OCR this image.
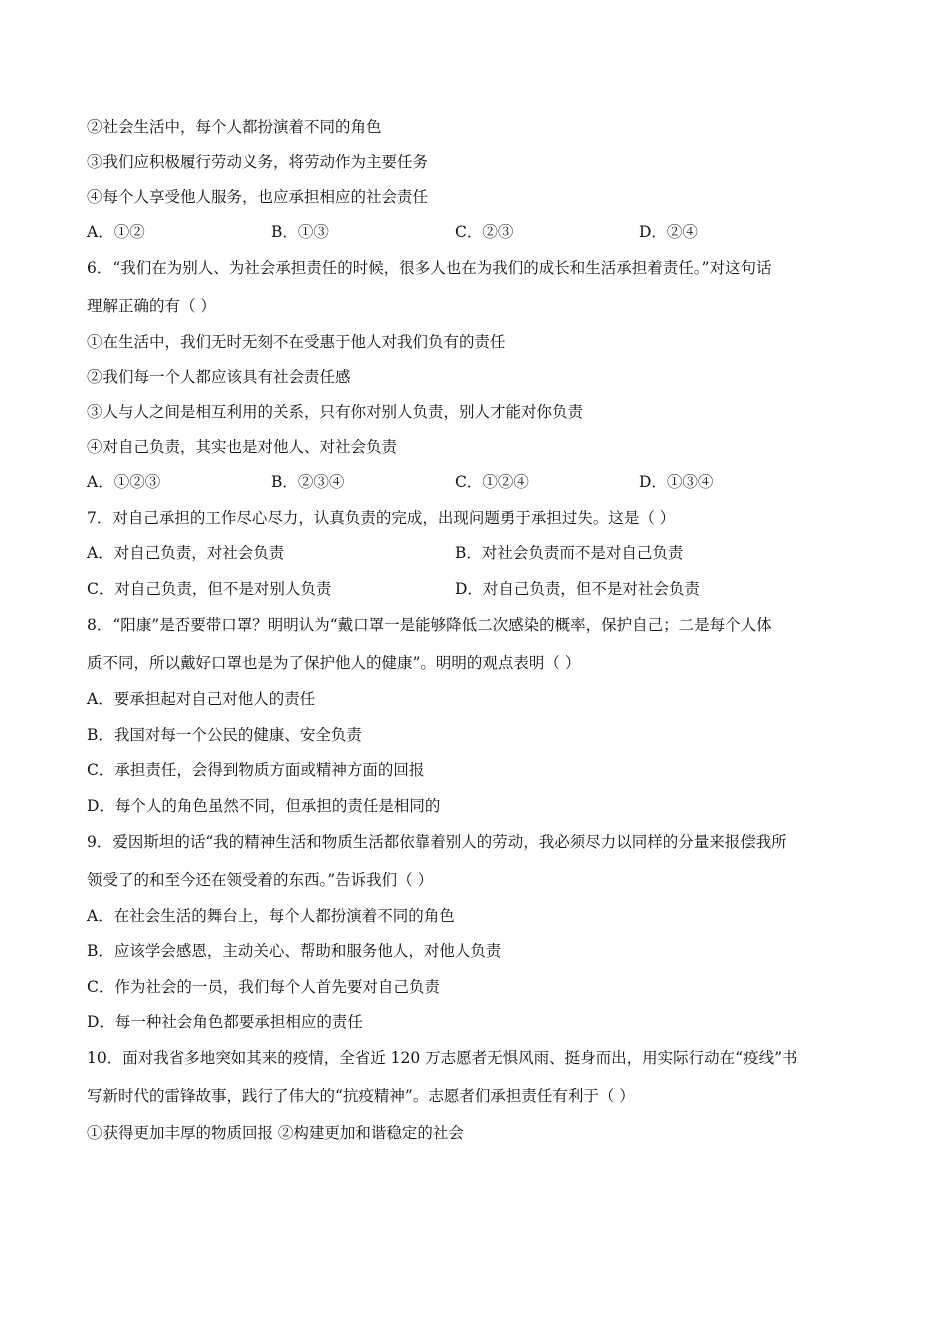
②社会生活中，每个人都扮演着不同的角色
③我们应积极履行劳动义务，将劳动作为主要任务
④每个人享受他人服务，也应承担相应的社会责任
A．①②	B．①③	C．②③	D．②④
6．“我们在为别人、为社会承担责任的时候，很多人也在为我们的成长和生活承担着责任。”对这句话
理解正确的有（ ）
①在生活中，我们无时无刻不在受惠于他人对我们负有的责任
②我们每一个人都应该具有社会责任感
③人与人之间是相互利用的关系，只有你对别人负责，别人才能对你负责
④对自己负责，其实也是对他人、对社会负责
A．①②③	B．②③④	C．①②④	D．①③④
7．对自己承担的工作尽心尽力，认真负责的完成，出现问题勇于承担过失。这是（ ）
A．对自己负责，对社会负责	B．对社会负责而不是对自己负责
C．对自己负责，但不是对别人负责	D．对自己负责，但不是对社会负责
8．“阳康”是否要带口罩？明明认为“戴口罩一是能够降低二次感染的概率，保护自己；二是每个人体
质不同，所以戴好口罩也是为了保护他人的健康”。明明的观点表明（ ）
A．要承担起对自己对他人的责任
B．我国对每一个公民的健康、安全负责
C．承担责任，会得到物质方面或精神方面的回报
D．每个人的角色虽然不同，但承担的责任是相同的
9．爱因斯坦的话“我的精神生活和物质生活都依靠着别人的劳动，我必须尽力以同样的分量来报偿我所
领受了的和至今还在领受着的东西。”告诉我们（ ）
A．在社会生活的舞台上，每个人都扮演着不同的角色
B．应该学会感恩，主动关心、帮助和服务他人，对他人负责
C．作为社会的一员，我们每个人首先要对自己负责
D．每一种社会角色都要承担相应的责任
10．面对我省多地突如其来的疫情，全省近 120 万志愿者无惧风雨、挺身而出，用实际行动在“疫线”书
写新时代的雷锋故事，践行了伟大的“抗疫精神”。志愿者们承担责任有利于（ ）
①获得更加丰厚的物质回报 ②构建更加和谐稳定的社会
